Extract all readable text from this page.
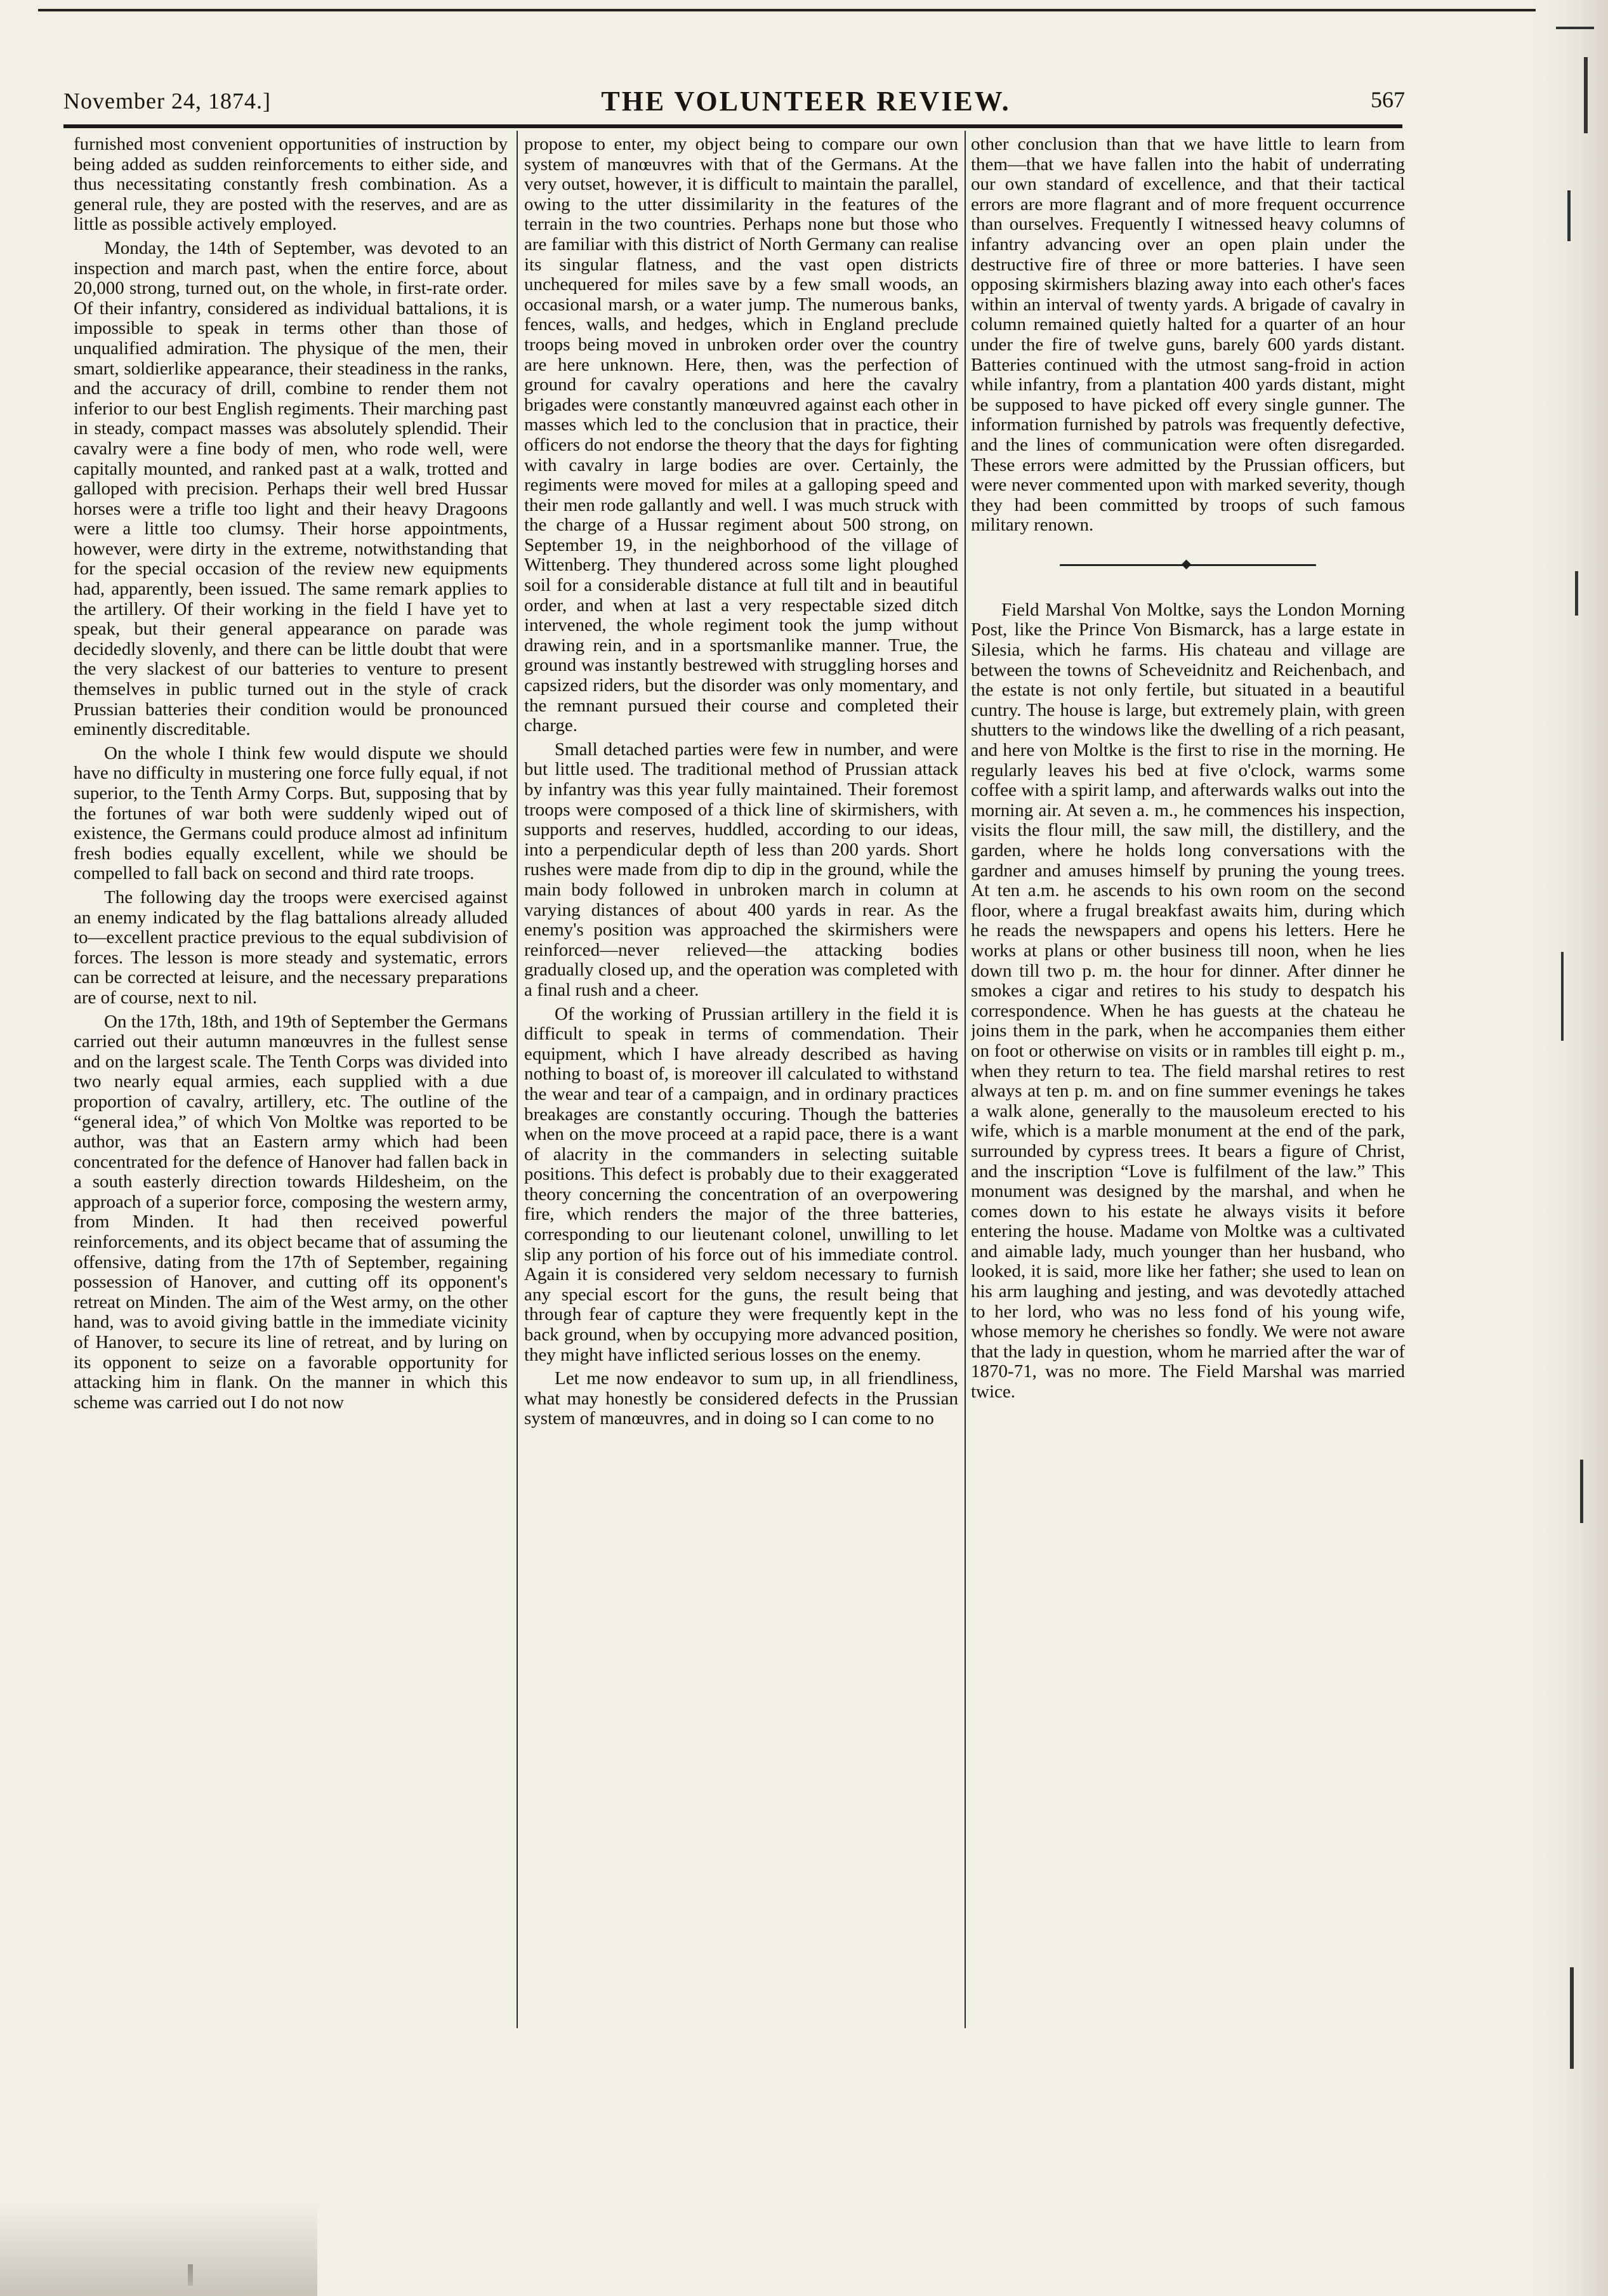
November 24, 1874.]	THE VOLUNTEER REVIEW.	567

furnished most convenient opportunities of instruction by being added as sudden reinforcements to either side, and thus necessitating constantly fresh combination. As a general rule, they are posted with the reserves, and are as little as possible actively employed.

Monday, the 14th of September, was devoted to an inspection and march past, when the entire force, about 20,000 strong, turned out, on the whole, in first-rate order. Of their infantry, considered as individual battalions, it is impossible to speak in terms other than those of unqualified admiration. The physique of the men, their smart, soldierlike appearance, their steadiness in the ranks, and the accuracy of drill, combine to render them not inferior to our best English regiments. Their marching past in steady, compact masses was absolutely splendid. Their cavalry were a fine body of men, who rode well, were capitally mounted, and ranked past at a walk, trotted and galloped with precision. Perhaps their well bred Hussar horses were a trifle too light and their heavy Dragoons were a little too clumsy. Their horse appointments, however, were dirty in the extreme, notwithstanding that for the special occasion of the review new equipments had, apparently, been issued. The same remark applies to the artillery. Of their working in the field I have yet to speak, but their general appearance on parade was decidedly slovenly, and there can be little doubt that were the very slackest of our batteries to venture to present themselves in public turned out in the style of crack Prussian batteries their condition would be pronounced eminently discreditable.

On the whole I think few would dispute we should have no difficulty in mustering one force fully equal, if not superior, to the Tenth Army Corps. But, supposing that by the fortunes of war both were suddenly wiped out of existence, the Germans could produce almost ad infinitum fresh bodies equally excellent, while we should be compelled to fall back on second and third rate troops.

The following day the troops were exercised against an enemy indicated by the flag battalions already alluded to—excellent practice previous to the equal subdivision of forces. The lesson is more steady and systematic, errors can be corrected at leisure, and the necessary preparations are of course, next to nil.

On the 17th, 18th, and 19th of September the Germans carried out their autumn manœuvres in the fullest sense and on the largest scale. The Tenth Corps was divided into two nearly equal armies, each supplied with a due proportion of cavalry, artillery, etc. The outline of the “general idea,” of which Von Moltke was reported to be author, was that an Eastern army which had been concentrated for the defence of Hanover had fallen back in a south easterly direction towards Hildesheim, on the approach of a superior force, composing the western army, from Minden. It had then received powerful reinforcements, and its object became that of assuming the offensive, dating from the 17th of September, regaining possession of Hanover, and cutting off its opponent's retreat on Minden. The aim of the West army, on the other hand, was to avoid giving battle in the immediate vicinity of Hanover, to secure its line of retreat, and by luring on its opponent to seize on a favorable opportunity for attacking him in flank. On the manner in which this scheme was carried out I do not now

propose to enter, my object being to compare our own system of manœuvres with that of the Germans. At the very outset, however, it is difficult to maintain the parallel, owing to the utter dissimilarity in the features of the terrain in the two countries. Perhaps none but those who are familiar with this district of North Germany can realise its singular flatness, and the vast open districts unchequered for miles save by a few small woods, an occasional marsh, or a water jump. The numerous banks, fences, walls, and hedges, which in England preclude troops being moved in unbroken order over the country are here unknown. Here, then, was the perfection of ground for cavalry operations and here the cavalry brigades were constantly manœuvred against each other in masses which led to the conclusion that in practice, their officers do not endorse the theory that the days for fighting with cavalry in large bodies are over. Certainly, the regiments were moved for miles at a galloping speed and their men rode gallantly and well. I was much struck with the charge of a Hussar regiment about 500 strong, on September 19, in the neighborhood of the village of Wittenberg. They thundered across some light ploughed soil for a considerable distance at full tilt and in beautiful order, and when at last a very respectable sized ditch intervened, the whole regiment took the jump without drawing rein, and in a sportsmanlike manner. True, the ground was instantly bestrewed with struggling horses and capsized riders, but the disorder was only momentary, and the remnant pursued their course and completed their charge.

Small detached parties were few in number, and were but little used. The traditional method of Prussian attack by infantry was this year fully maintained. Their foremost troops were composed of a thick line of skirmishers, with supports and reserves, huddled, according to our ideas, into a perpendicular depth of less than 200 yards. Short rushes were made from dip to dip in the ground, while the main body followed in unbroken march in column at varying distances of about 400 yards in rear. As the enemy's position was approached the skirmishers were reinforced—never relieved—the attacking bodies gradually closed up, and the operation was completed with a final rush and a cheer.

Of the working of Prussian artillery in the field it is difficult to speak in terms of commendation. Their equipment, which I have already described as having nothing to boast of, is moreover ill calculated to withstand the wear and tear of a campaign, and in ordinary practices breakages are constantly occuring. Though the batteries when on the move proceed at a rapid pace, there is a want of alacrity in the commanders in selecting suitable positions. This defect is probably due to their exaggerated theory concerning the concentration of an overpowering fire, which renders the major of the three batteries, corresponding to our lieutenant colonel, unwilling to let slip any portion of his force out of his immediate control. Again it is considered very seldom necessary to furnish any special escort for the guns, the result being that through fear of capture they were frequently kept in the back ground, when by occupying more advanced position, they might have inflicted serious losses on the enemy.

Let me now endeavor to sum up, in all friendliness, what may honestly be considered defects in the Prussian system of manœuvres, and in doing so I can come to no

other conclusion than that we have little to learn from them—that we have fallen into the habit of underrating our own standard of excellence, and that their tactical errors are more flagrant and of more frequent occurrence than ourselves. Frequently I witnessed heavy columns of infantry advancing over an open plain under the destructive fire of three or more batteries. I have seen opposing skirmishers blazing away into each other's faces within an interval of twenty yards. A brigade of cavalry in column remained quietly halted for a quarter of an hour under the fire of twelve guns, barely 600 yards distant. Batteries continued with the utmost sang-froid in action while infantry, from a plantation 400 yards distant, might be supposed to have picked off every single gunner. The information furnished by patrols was frequently defective, and the lines of communication were often disregarded. These errors were admitted by the Prussian officers, but were never commented upon with marked severity, though they had been committed by troops of such famous military renown.

Field Marshal Von Moltke, says the London Morning Post, like the Prince Von Bismarck, has a large estate in Silesia, which he farms. His chateau and village are between the towns of Scheveidnitz and Reichenbach, and the estate is not only fertile, but situated in a beautiful cuntry. The house is large, but extremely plain, with green shutters to the windows like the dwelling of a rich peasant, and here von Moltke is the first to rise in the morning. He regularly leaves his bed at five o'clock, warms some coffee with a spirit lamp, and afterwards walks out into the morning air. At seven a. m., he commences his inspection, visits the flour mill, the saw mill, the distillery, and the garden, where he holds long conversations with the gardner and amuses himself by pruning the young trees. At ten a.m. he ascends to his own room on the second floor, where a frugal breakfast awaits him, during which he reads the newspapers and opens his letters. Here he works at plans or other business till noon, when he lies down till two p. m. the hour for dinner. After dinner he smokes a cigar and retires to his study to despatch his correspondence. When he has guests at the chateau he joins them in the park, when he accompanies them either on foot or otherwise on visits or in rambles till eight p. m., when they return to tea. The field marshal retires to rest always at ten p. m. and on fine summer evenings he takes a walk alone, generally to the mausoleum erected to his wife, which is a marble monument at the end of the park, surrounded by cypress trees. It bears a figure of Christ, and the inscription “Love is fulfilment of the law.” This monument was designed by the marshal, and when he comes down to his estate he always visits it before entering the house. Madame von Moltke was a cultivated and aimable lady, much younger than her husband, who looked, it is said, more like her father; she used to lean on his arm laughing and jesting, and was devotedly attached to her lord, who was no less fond of his young wife, whose memory he cherishes so fondly. We were not aware that the lady in question, whom he married after the war of 1870-71, was no more. The Field Marshal was married twice.
